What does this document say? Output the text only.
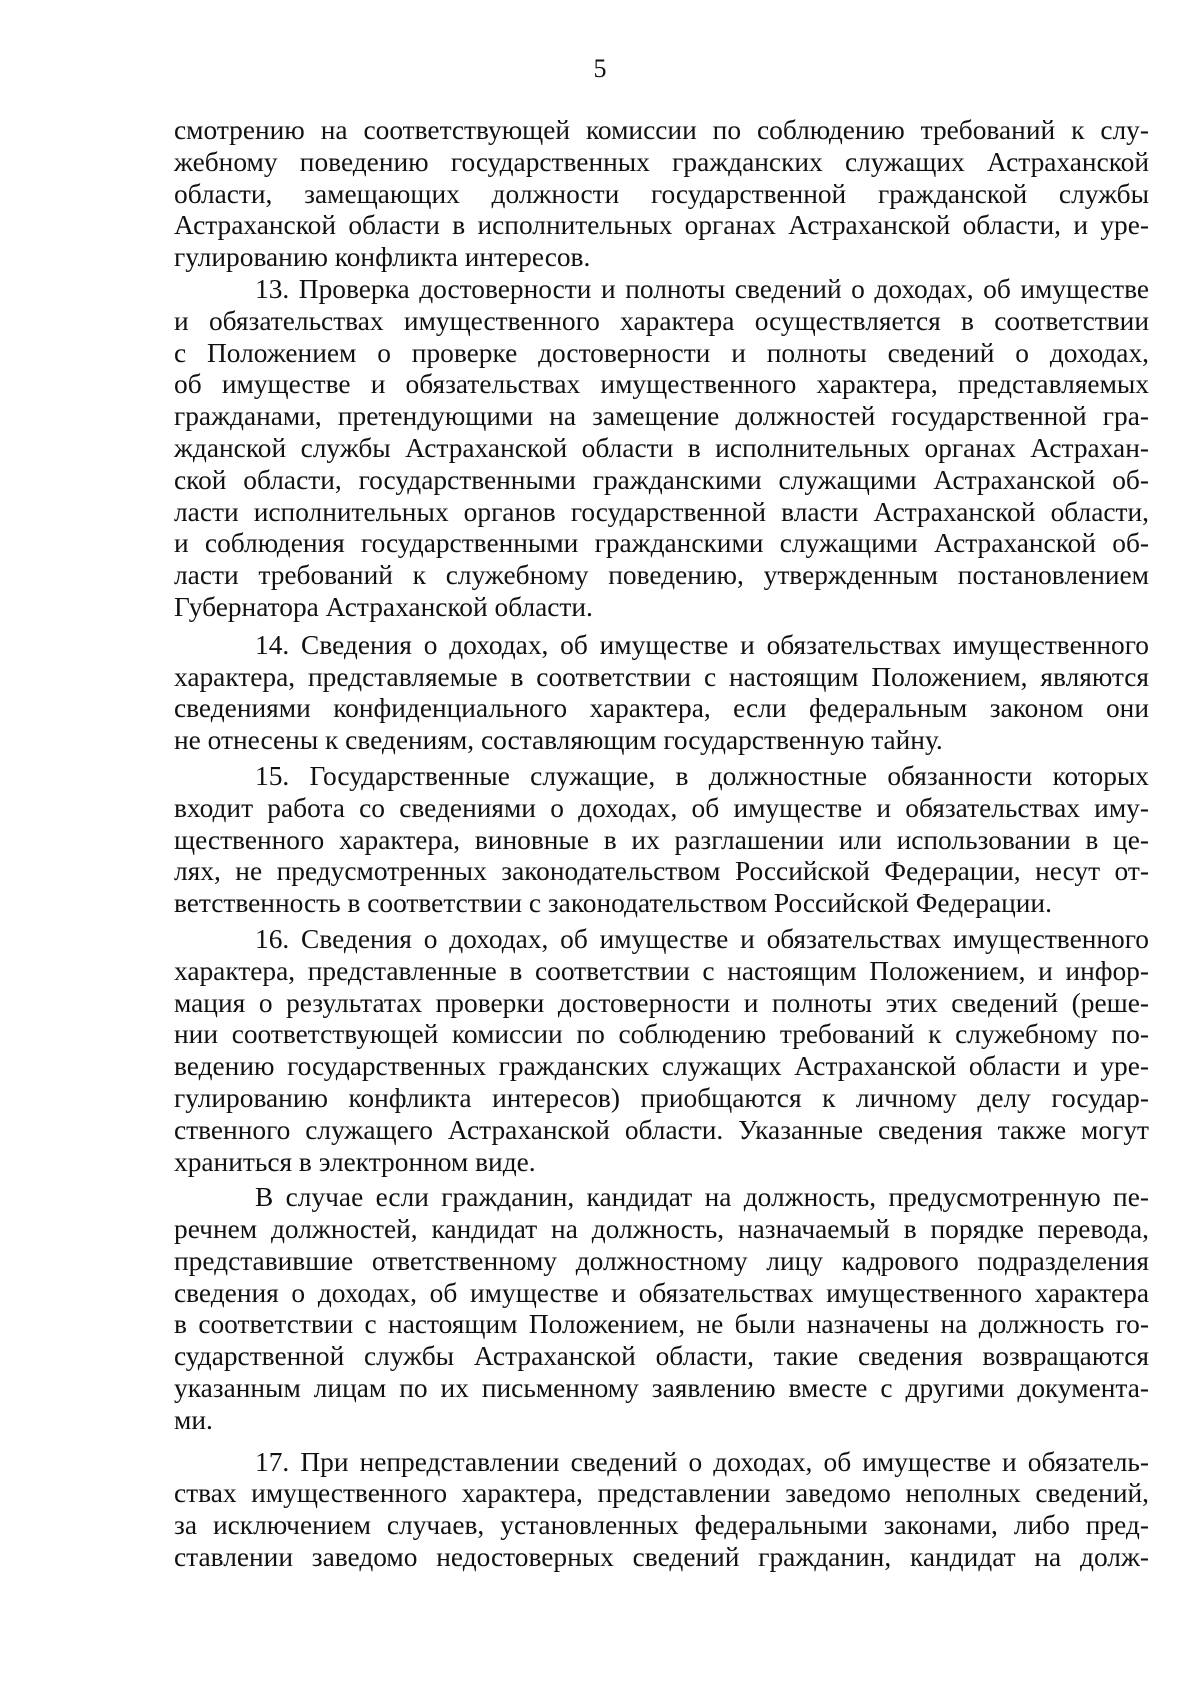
5
смотрению на соответствующей комиссии по соблюдению требований к слу-
жебному поведению государственных гражданских служащих Астраханской
области, замещающих должности государственной гражданской службы
Астраханской области в исполнительных органах Астраханской области, и уре-
гулированию конфликта интересов.
13. Проверка достоверности и полноты сведений о доходах, об имуществе
и обязательствах имущественного характера осуществляется в соответствии
с Положением о проверке достоверности и полноты сведений о доходах,
об имуществе и обязательствах имущественного характера, представляемых
гражданами, претендующими на замещение должностей государственной гра-
жданской службы Астраханской области в исполнительных органах Астрахан-
ской области, государственными гражданскими служащими Астраханской об-
ласти исполнительных органов государственной власти Астраханской области,
и соблюдения государственными гражданскими служащими Астраханской об-
ласти требований к служебному поведению, утвержденным постановлением
Губернатора Астраханской области.
14. Сведения о доходах, об имуществе и обязательствах имущественного
характера, представляемые в соответствии с настоящим Положением, являются
сведениями конфиденциального характера, если федеральным законом они
не отнесены к сведениям, составляющим государственную тайну.
15. Государственные служащие, в должностные обязанности которых
входит работа со сведениями о доходах, об имуществе и обязательствах иму-
щественного характера, виновные в их разглашении или использовании в це-
лях, не предусмотренных законодательством Российской Федерации, несут от-
ветственность в соответствии с законодательством Российской Федерации.
16. Сведения о доходах, об имуществе и обязательствах имущественного
характера, представленные в соответствии с настоящим Положением, и инфор-
мация о результатах проверки достоверности и полноты этих сведений (реше-
нии соответствующей комиссии по соблюдению требований к служебному по-
ведению государственных гражданских служащих Астраханской области и уре-
гулированию конфликта интересов) приобщаются к личному делу государ-
ственного служащего Астраханской области. Указанные сведения также могут
храниться в электронном виде.
В случае если гражданин, кандидат на должность, предусмотренную пе-
речнем должностей, кандидат на должность, назначаемый в порядке перевода,
представившие ответственному должностному лицу кадрового подразделения
сведения о доходах, об имуществе и обязательствах имущественного характера
в соответствии с настоящим Положением, не были назначены на должность го-
сударственной службы Астраханской области, такие сведения возвращаются
указанным лицам по их письменному заявлению вместе с другими документа-
ми.
17. При непредставлении сведений о доходах, об имуществе и обязатель-
ствах имущественного характера, представлении заведомо неполных сведений,
за исключением случаев, установленных федеральными законами, либо пред-
ставлении заведомо недостоверных сведений гражданин, кандидат на долж-
